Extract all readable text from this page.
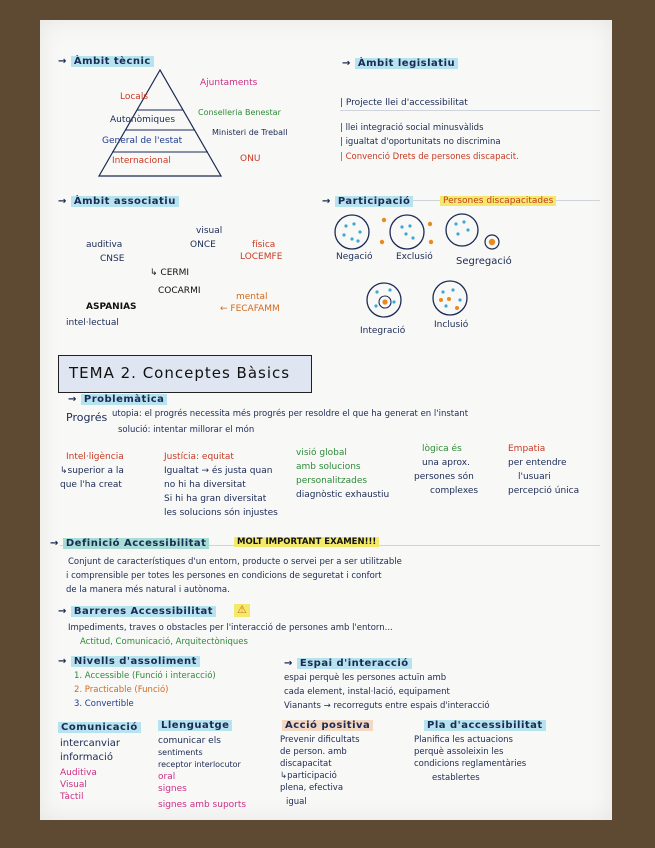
→ Àmbit tècnic
Locals
Autonòmiques
General de l'estat
Internacional
Ajuntaments
Conselleria Benestar
Ministeri de Treball
ONU
→ Àmbit legislatiu
| Projecte llei d'accessibilitat
| llei integració social minusvàlids
| igualtat d'oportunitats no discrimina
| Convenció Drets de persones discapacit.
→ Àmbit associatiu
visual
ONCE
auditiva
CNSE
física
LOCEMFE
↳ CERMI
COCARMI
mental
← FECAFAMM
ASPANIAS
intel·lectual
→ Participació	Persones discapacitades
Negació	Exclusió Segregació
Integració
Inclusió
TEMA 2. Conceptes Bàsics
→ Problemàtica
Progrés utopia: el progrés necessita més progrés per resoldre el que ha generat en l'instant
solució: intentar millorar el món
Intel·ligència
↳superior a la
que l'ha creat
Justícia: equitat
Igualtat → és justa quan
no hi ha diversitat
Si hi ha gran diversitat
les solucions són injustes
visió global
amb solucions
personalitzades
diagnòstic exhaustiu
lògica és
una aprox.
persones són
complexes
Empatia
per entendre
l'usuari
percepció única
→ Definició Accessibilitat	MOLT IMPORTANT EXAMEN!!!
Conjunt de característiques d'un entorn, producte o servei per a ser utilitzable
i comprensible per totes les persones en condicions de seguretat i confort
de la manera més natural i autònoma.
→ Barreres Accessibilitat ⚠
Impediments, traves o obstacles per l'interacció de persones amb l'entorn...
Actitud, Comunicació, Arquitectòniques
→ Nivells d'assoliment
1. Accessible (Funció i interacció)
2. Practicable (Funció)
3. Convertible
→ Espai d'interacció
espai perquè les persones actuïn amb
cada element, instal·lació, equipament
Vianants → recorreguts entre espais d'interacció
Comunicació
intercanviar
informació
Auditiva
Visual
Tàctil
Llenguatge
comunicar els
sentiments
receptor interlocutor
oral
signes
signes amb suports
Acció positiva
Prevenir dificultats
de person. amb
discapacitat
↳participació
plena, efectiva
igual
Pla d'accessibilitat
Planifica les actuacions
perquè assoleixin les
condicions reglamentàries
establertes
